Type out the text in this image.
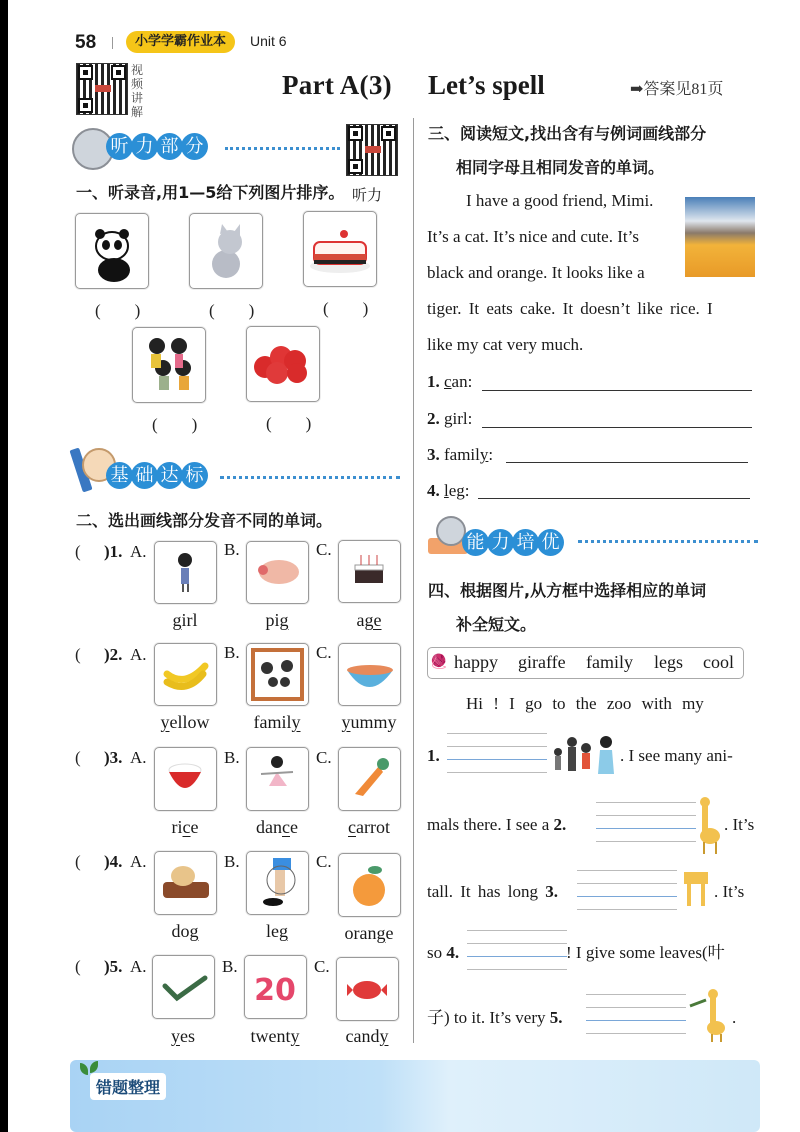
58	小学学霸作业本	Unit 6
视频讲解
Part A(3) Let’s spell	➡答案见81页
听 力 部 分
听力
一、听录音,用1—5给下列图片排序。
(　　)	(　　)	(　　)
(　　)	(　　)
基 础 达 标
二、选出画线部分发音不同的单词。
( )1. A.
girl
B.
pig
C.
age
( )2. A.
yellow
B.
family
C.
yummy
( )3. A.
rice
B.
dance
C.
carrot
( )4. A.
dog
B.
leg
C.
orange
( )5. A.
yes
B.
20
twenty
C.
candy
三、阅读短文,找出含有与例词画线部分
相同字母且相同发音的单词。
I have a good friend, Mimi.
It’s a cat. It’s nice and cute. It’s
black and orange. It looks like a
tiger. It eats cake. It doesn’t like rice. I
like my cat very much.
1. can:
2. girl:
3. family:
4. leg:
能 力 培 优
四、根据图片,从方框中选择相应的单词
补全短文。
🧶 happy giraffe family legs cool
Hi ! I go to the zoo with my
1.	. I see many ani-
mals there. I see a 2.	. It’s
tall. It has long 3.	. It’s
so 4.	! I give some leaves(叶
子) to it. It’s very 5.	.
错题整理
